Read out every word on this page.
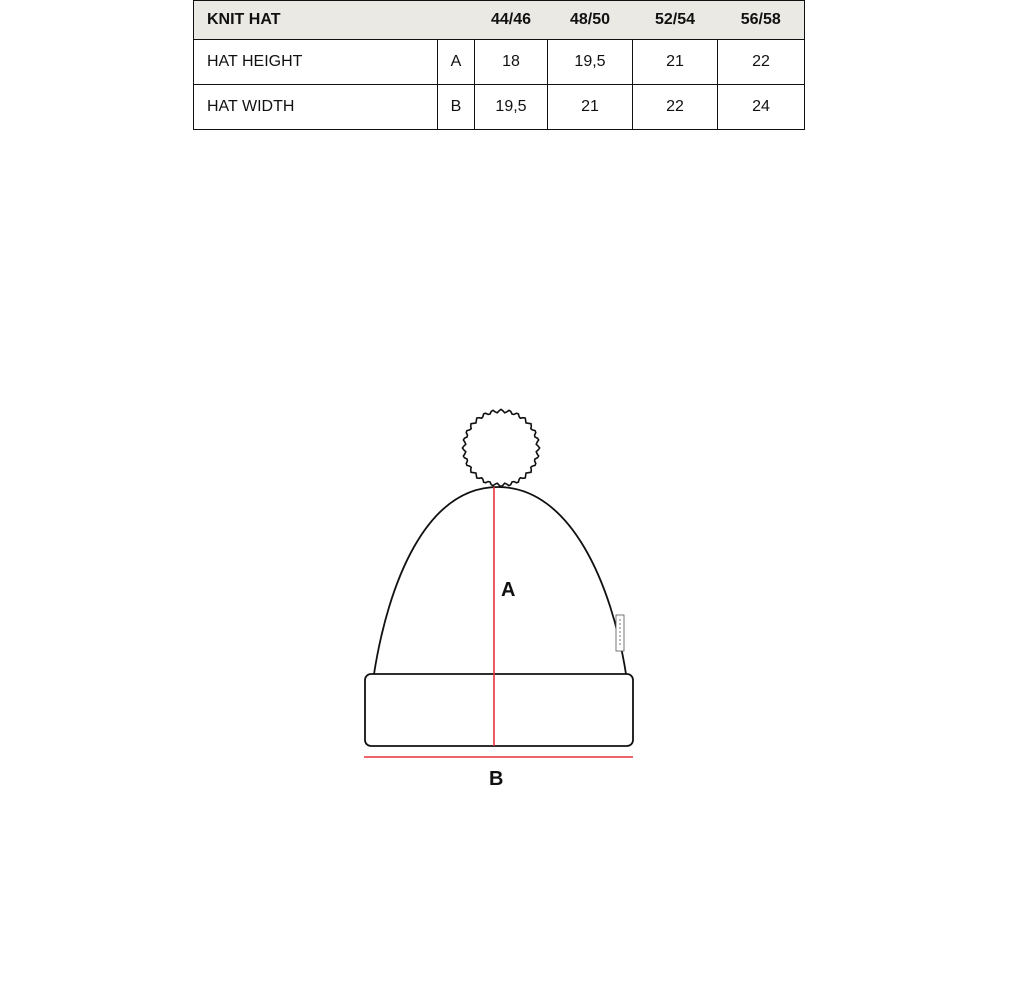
KNIT HAT		44/46	48/50	52/54	56/58
HAT HEIGHT	A	18	19,5	21	22
HAT WIDTH	B	19,5	21	22	24
A
B
